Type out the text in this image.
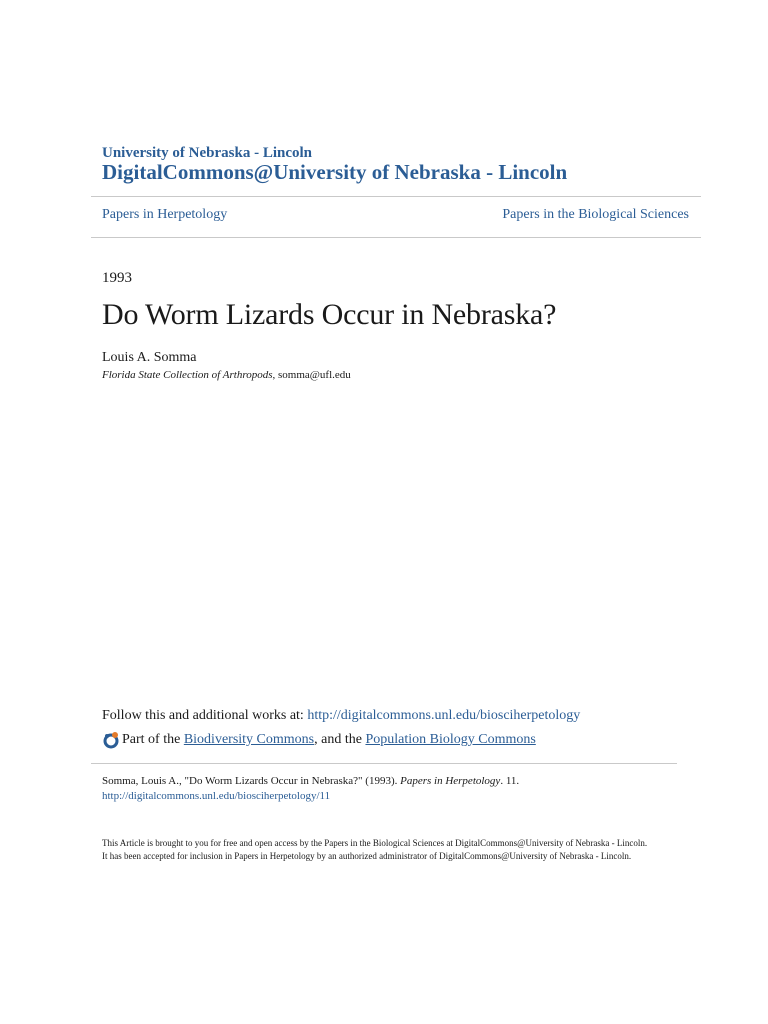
University of Nebraska - Lincoln
DigitalCommons@University of Nebraska - Lincoln
Papers in Herpetology	Papers in the Biological Sciences
1993
Do Worm Lizards Occur in Nebraska?
Louis A. Somma
Florida State Collection of Arthropods, somma@ufl.edu
Follow this and additional works at: http://digitalcommons.unl.edu/biosciherpetology
Part of the Biodiversity Commons , and the Population Biology Commons
Somma, Louis A., "Do Worm Lizards Occur in Nebraska?" (1993). Papers in Herpetology. 11.
http://digitalcommons.unl.edu/biosciherpetology/11
This Article is brought to you for free and open access by the Papers in the Biological Sciences at DigitalCommons@University of Nebraska - Lincoln.
It has been accepted for inclusion in Papers in Herpetology by an authorized administrator of DigitalCommons@University of Nebraska - Lincoln.
